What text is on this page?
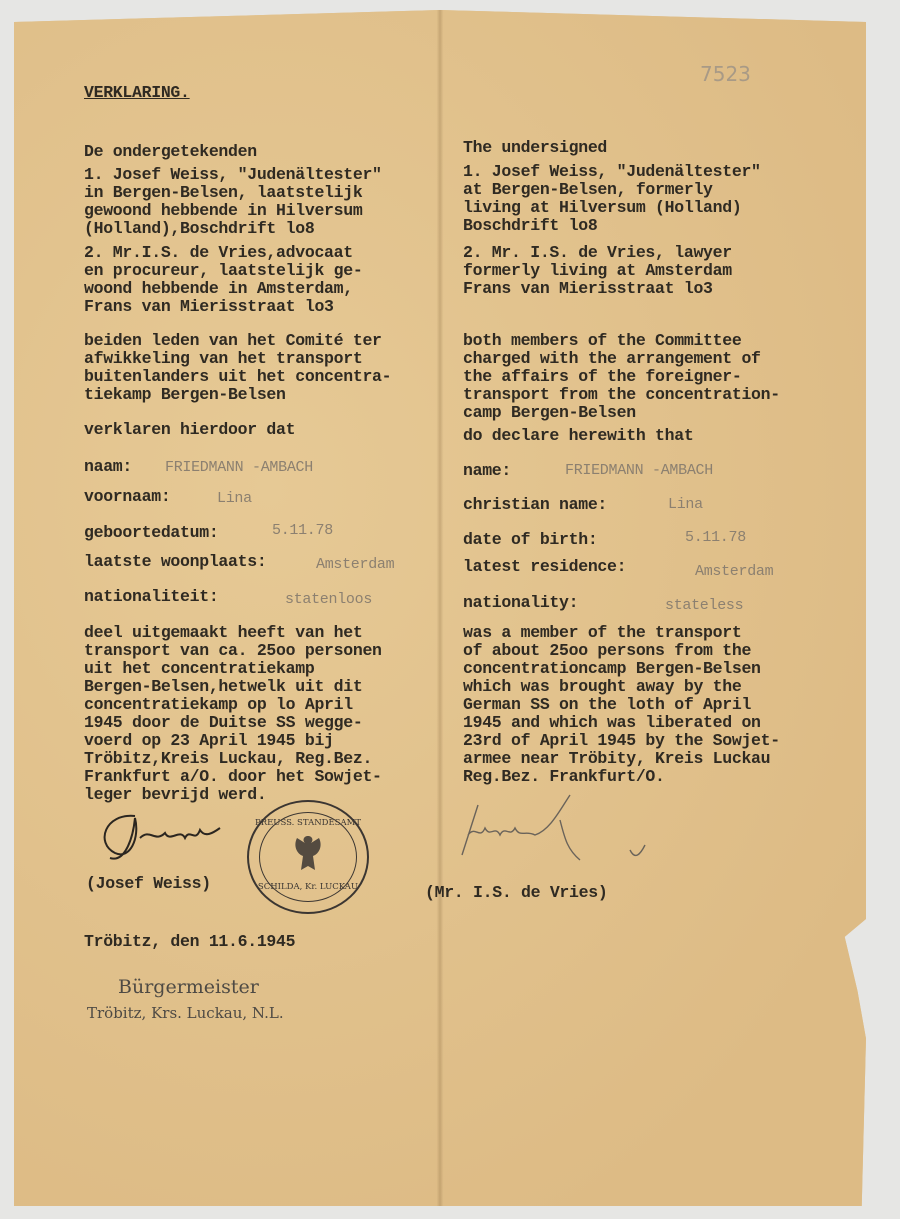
7523
VERKLARING.
De ondergetekenden
1. Josef Weiss, "Judenältester"
in Bergen-Belsen, laatstelijk
gewoond hebbende in Hilversum
(Holland),Boschdrift lo8
2. Mr.I.S. de Vries,advocaat
en procureur, laatstelijk ge-
woond hebbende in Amsterdam,
Frans van Mierisstraat lo3
beiden leden van het Comité ter
afwikkeling van het transport
buitenlanders uit het concentra-
tiekamp Bergen-Belsen
verklaren hierdoor dat
naam: FRIEDMANN -AMBACH
voornaam:	Lina
geboortedatum:	5.11.78
laatste woonplaats:	Amsterdam
nationaliteit:	statenloos
deel uitgemaakt heeft van het
transport van ca. 25oo personen
uit het concentratiekamp
Bergen-Belsen,hetwelk uit dit
concentratiekamp op lo April
1945 door de Duitse SS wegge-
voerd op 23 April 1945 bij
Tröbitz,Kreis Luckau, Reg.Bez.
Frankfurt a/O. door het Sowjet-
leger bevrijd werd.
(Josef Weiss)
PREUSS. STANDESAMT
SCHILDA, Kr. LUCKAU
Tröbitz, den 11.6.1945
Bürgermeister
Tröbitz, Krs. Luckau, N.L.
The undersigned
1. Josef Weiss, "Judenältester"
at Bergen-Belsen, formerly
living at Hilversum (Holland)
Boschdrift lo8
2. Mr. I.S. de Vries, lawyer
formerly living at Amsterdam
Frans van Mierisstraat lo3
both members of the Committee
charged with the arrangement of
the affairs of the foreigner-
transport from the concentration-
camp Bergen-Belsen
do declare herewith that
name:	FRIEDMANN -AMBACH
christian name:	Lina
date of birth:	5.11.78
latest residence:	Amsterdam
nationality:	stateless
was a member of the transport
of about 25oo persons from the
concentrationcamp Bergen-Belsen
which was brought away by the
German SS on the loth of April
1945 and which was liberated on
23rd of April 1945 by the Sowjet-
armee near Tröbity, Kreis Luckau
Reg.Bez. Frankfurt/O.
(Mr. I.S. de Vries)
